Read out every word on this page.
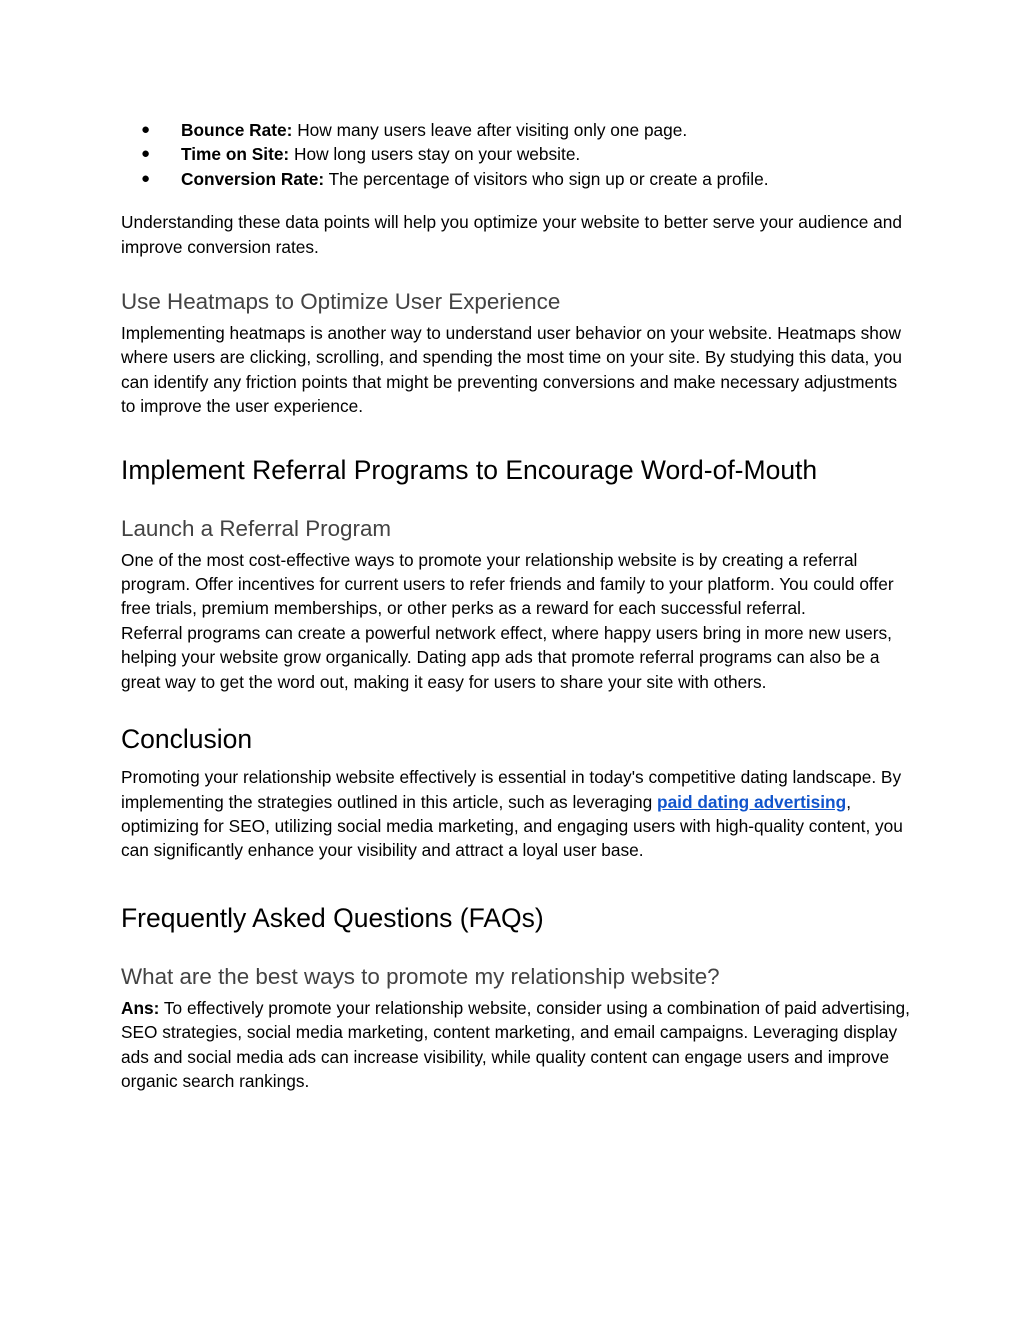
● Bounce Rate: How many users leave after visiting only one page.
● Time on Site: How long users stay on your website.
● Conversion Rate: The percentage of visitors who sign up or create a profile.

Understanding these data points will help you optimize your website to better serve your audience and improve conversion rates.

Use Heatmaps to Optimize User Experience

Implementing heatmaps is another way to understand user behavior on your website. Heatmaps show where users are clicking, scrolling, and spending the most time on your site. By studying this data, you can identify any friction points that might be preventing conversions and make necessary adjustments to improve the user experience.

Implement Referral Programs to Encourage Word-of-Mouth
Launch a Referral Program

One of the most cost-effective ways to promote your relationship website is by creating a referral program. Offer incentives for current users to refer friends and family to your platform. You could offer free trials, premium memberships, or other perks as a reward for each successful referral.

Referral programs can create a powerful network effect, where happy users bring in more new users, helping your website grow organically. Dating app ads that promote referral programs can also be a great way to get the word out, making it easy for users to share your site with others.

Conclusion

Promoting your relationship website effectively is essential in today's competitive dating landscape. By implementing the strategies outlined in this article, such as leveraging paid dating advertising, optimizing for SEO, utilizing social media marketing, and engaging users with high-quality content, you can significantly enhance your visibility and attract a loyal user base.

Frequently Asked Questions (FAQs)
What are the best ways to promote my relationship website?

Ans: To effectively promote your relationship website, consider using a combination of paid advertising, SEO strategies, social media marketing, content marketing, and email campaigns. Leveraging display ads and social media ads can increase visibility, while quality content can engage users and improve organic search rankings.
